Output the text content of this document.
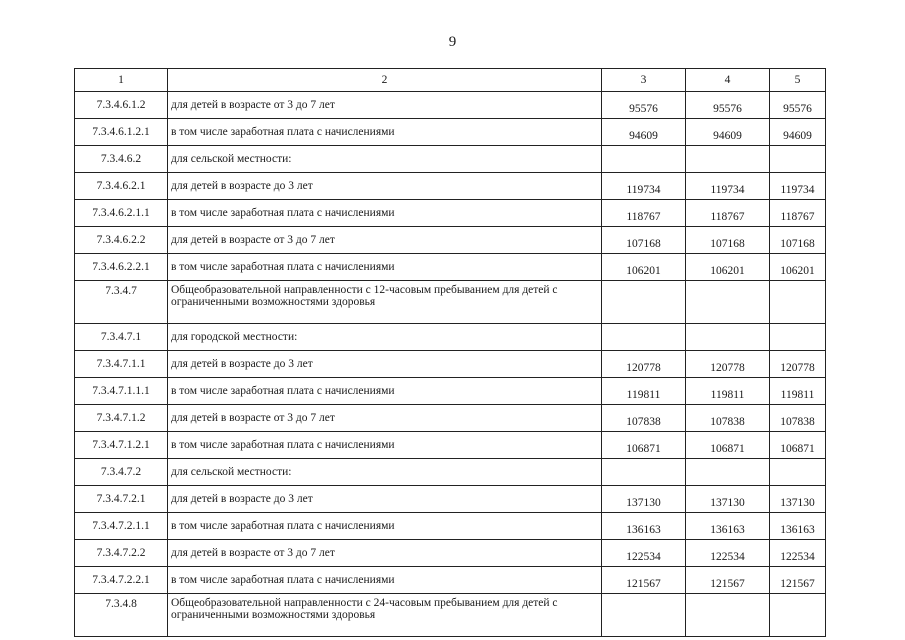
9
1	2	3	4	5
7.3.4.6.1.2	для детей в возрасте от 3 до 7 лет	95576	95576	95576
7.3.4.6.1.2.1	в том числе заработная плата с начислениями	94609	94609	94609
7.3.4.6.2	для сельской местности:			
7.3.4.6.2.1	для детей в возрасте до 3 лет	119734	119734	119734
7.3.4.6.2.1.1	в том числе заработная плата с начислениями	118767	118767	118767
7.3.4.6.2.2	для детей в возрасте от 3 до 7 лет	107168	107168	107168
7.3.4.6.2.2.1	в том числе заработная плата с начислениями	106201	106201	106201
7.3.4.7	Общеобразовательной направленности с 12-часовым пребыванием для детей с ограниченными возможностями здоровья			
7.3.4.7.1	для городской местности:			
7.3.4.7.1.1	для детей в возрасте до 3 лет	120778	120778	120778
7.3.4.7.1.1.1	в том числе заработная плата с начислениями	119811	119811	119811
7.3.4.7.1.2	для детей в возрасте от 3 до 7 лет	107838	107838	107838
7.3.4.7.1.2.1	в том числе заработная плата с начислениями	106871	106871	106871
7.3.4.7.2	для сельской местности:			
7.3.4.7.2.1	для детей в возрасте до 3 лет	137130	137130	137130
7.3.4.7.2.1.1	в том числе заработная плата с начислениями	136163	136163	136163
7.3.4.7.2.2	для детей в возрасте от 3 до 7 лет	122534	122534	122534
7.3.4.7.2.2.1	в том числе заработная плата с начислениями	121567	121567	121567
7.3.4.8	Общеобразовательной направленности с 24-часовым пребыванием для детей с ограниченными возможностями здоровья			
